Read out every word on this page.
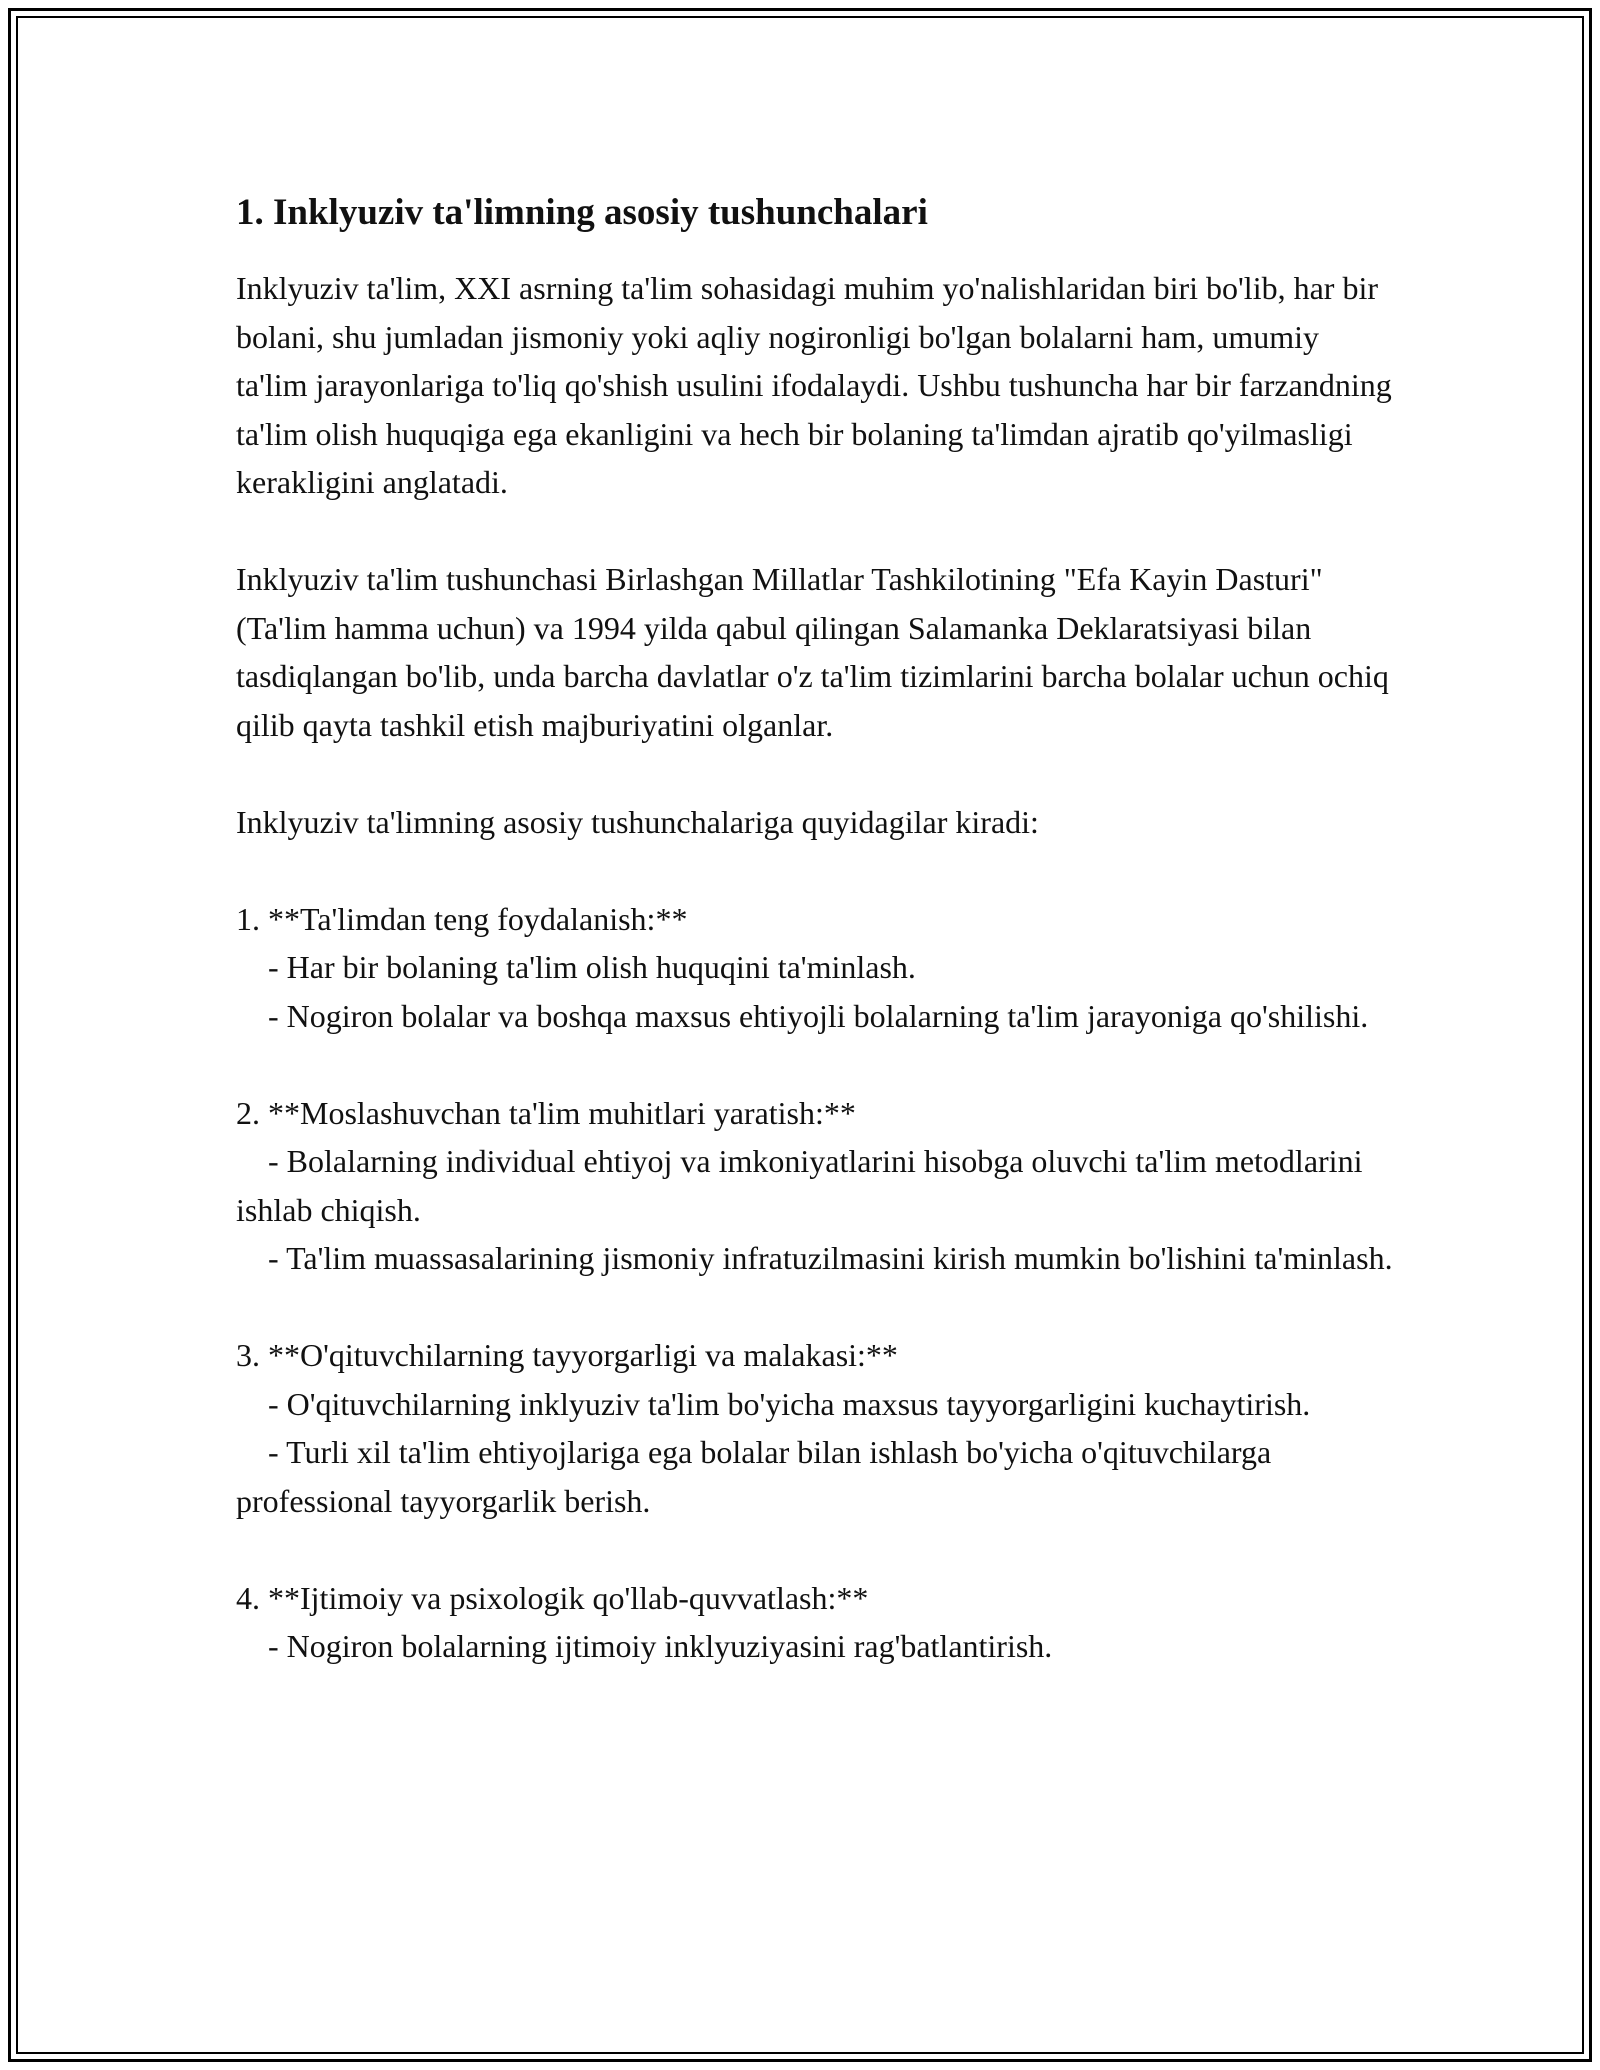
1. Inklyuziv ta'limning asosiy tushunchalari

Inklyuziv ta'lim, XXI asrning ta'lim sohasidagi muhim yo'nalishlaridan biri bo'lib, har bir bolani, shu jumladan jismoniy yoki aqliy nogironligi bo'lgan bolalarni ham, umumiy ta'lim jarayonlariga to'liq qo'shish usulini ifodalaydi. Ushbu tushuncha har bir farzandning ta'lim olish huquqiga ega ekanligini va hech bir bolaning ta'limdan ajratib qo'yilmasligi kerakligini anglatadi.

Inklyuziv ta'lim tushunchasi Birlashgan Millatlar Tashkilotining "Efa Kayin Dasturi" (Ta'lim hamma uchun) va 1994 yilda qabul qilingan Salamanka Deklaratsiyasi bilan tasdiqlangan bo'lib, unda barcha davlatlar o'z ta'lim tizimlarini barcha bolalar uchun ochiq qilib qayta tashkil etish majburiyatini olganlar.

Inklyuziv ta'limning asosiy tushunchalariga quyidagilar kiradi:

1. **Ta'limdan teng foydalanish:**

- Har bir bolaning ta'lim olish huquqini ta'minlash.

- Nogiron bolalar va boshqa maxsus ehtiyojli bolalarning ta'lim jarayoniga qo'shilishi.

2. **Moslashuvchan ta'lim muhitlari yaratish:**

- Bolalarning individual ehtiyoj va imkoniyatlarini hisobga oluvchi ta'lim metodlarini ishlab chiqish.

- Ta'lim muassasalarining jismoniy infratuzilmasini kirish mumkin bo'lishini ta'minlash.

3. **O'qituvchilarning tayyorgarligi va malakasi:**

- O'qituvchilarning inklyuziv ta'lim bo'yicha maxsus tayyorgarligini kuchaytirish.

- Turli xil ta'lim ehtiyojlariga ega bolalar bilan ishlash bo'yicha o'qituvchilarga professional tayyorgarlik berish.

4. **Ijtimoiy va psixologik qo'llab-quvvatlash:**

- Nogiron bolalarning ijtimoiy inklyuziyasini rag'batlantirish.
